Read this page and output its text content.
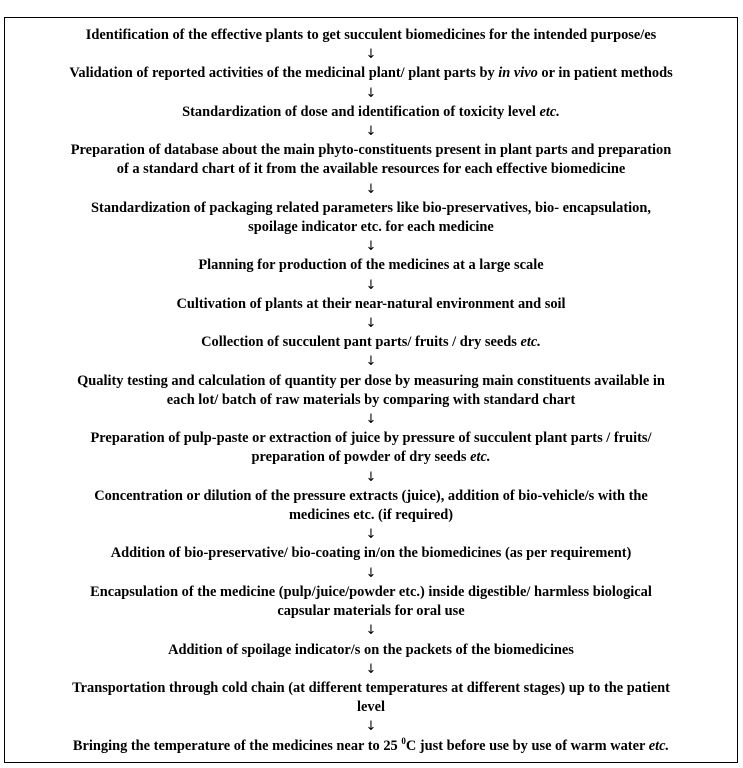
Identification of the effective plants to get succulent biomedicines for the intended purpose/es
↓
Validation of reported activities of the medicinal plant/ plant parts by in vivo or in patient methods
↓
Standardization of dose and identification of toxicity level etc.
↓
Preparation of database about the main phyto-constituents present in plant parts and preparation
of a standard chart of it from the available resources for each effective biomedicine
↓
Standardization of packaging related parameters like bio-preservatives, bio- encapsulation,
spoilage indicator etc. for each medicine
↓
Planning for production of the medicines at a large scale
↓
Cultivation of plants at their near-natural environment and soil
↓
Collection of succulent pant parts/ fruits / dry seeds etc.
↓
Quality testing and calculation of quantity per dose by measuring main constituents available in
each lot/ batch of raw materials by comparing with standard chart
↓
Preparation of pulp-paste or extraction of juice by pressure of succulent plant parts / fruits/
preparation of powder of dry seeds etc.
↓
Concentration or dilution of the pressure extracts (juice), addition of bio-vehicle/s with the
medicines etc. (if required)
↓
Addition of bio-preservative/ bio-coating in/on the biomedicines (as per requirement)
↓
Encapsulation of the medicine (pulp/juice/powder etc.) inside digestible/ harmless biological
capsular materials for oral use
↓
Addition of spoilage indicator/s on the packets of the biomedicines
↓
Transportation through cold chain (at different temperatures at different stages) up to the patient
level
↓
Bringing the temperature of the medicines near to 25 $^0$C just before use by use of warm water etc.
